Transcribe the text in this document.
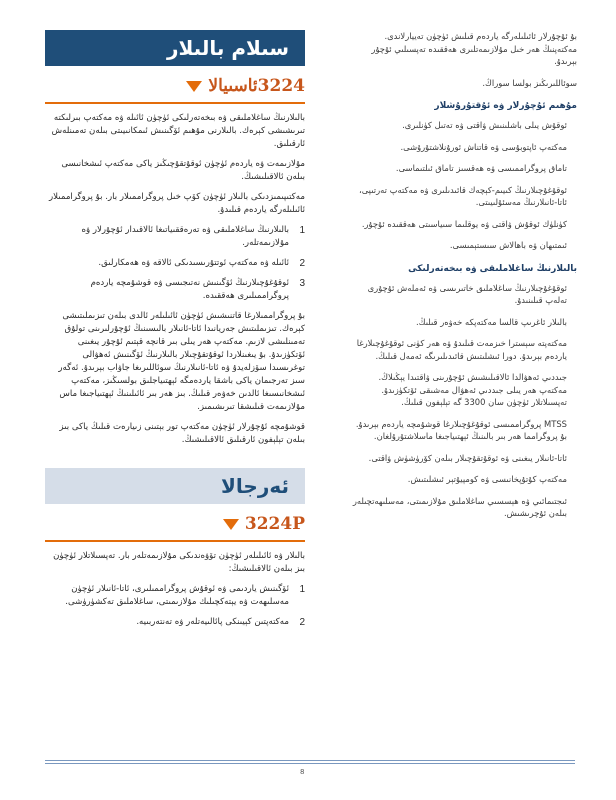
سىلام بالىلار
3224ئاسىيالا

بالىلارنىڭ ساغلاملىقى ۋە بىخەتەرلىكى ئۈچۈن ئائىلە ۋە مەكتەپ بىرلىكتە تىرىشىشى كېرەك. بالىلارنى مۇھىم ئۆگىنىش ئىمكانىيىتى بىلەن تەمىنلەش ئارقىلىق.

مۇلازىمەت ۋە ياردەم ئۈچۈن ئوقۇتقۇچىڭىز ياكى مەكتەپ ئىشخانىسى بىلەن ئالاقىلىشىڭ.

مەكتىپىمىزدىكى بالىلار ئۈچۈن كۆپ خىل پروگراممىلار بار. بۇ پروگراممىلار ئائىلىلەرگە ياردەم قىلىدۇ.

1
بالىلارنىڭ ساغلاملىقى ۋە تەرەققىياتىغا ئالاقىدار ئۇچۇرلار ۋە مۇلازىمەتلەر.
2
ئائىلە ۋە مەكتەپ ئوتتۇرىسىدىكى ئالاقە ۋە ھەمكارلىق.
3
ئوقۇغۇچىلارنىڭ ئۆگىنىش نەتىجىسى ۋە قوشۇمچە ياردەم پروگراممىلىرى ھەققىدە.

بۇ پروگراممىلارغا قاتنىشىش ئۈچۈن ئائىلىلەر ئالدى بىلەن تىزىملىتىشى كېرەك. تىزىملىتىش جەريانىدا ئاتا-ئانىلار بالىسىنىڭ ئۇچۇرلىرىنى تولۇق تەمىنلىشى لازىم. مەكتەپ ھەر يىلى بىر قانچە قېتىم ئۇچۇر يىغىنى ئۆتكۈزىدۇ. بۇ يىغىنلاردا ئوقۇتقۇچىلار بالىلارنىڭ ئۆگىنىش ئەھۋالى توغرىسىدا سۆزلەيدۇ ۋە ئاتا-ئانىلارنىڭ سوئاللىرىغا جاۋاب بېرىدۇ. ئەگەر سىز تەرجىمان ياكى باشقا ياردەمگە ئېھتىياجلىق بولسىڭىز، مەكتەپ ئىشخانىسىغا ئالدىن خەۋەر قىلىڭ. بىز ھەر بىر ئائىلىنىڭ ئېھتىياجىغا ماس مۇلازىمەت قىلىشقا تىرىشىمىز.

قوشۇمچە ئۇچۇرلار ئۈچۈن مەكتەپ تور بېتىنى زىيارەت قىلىڭ ياكى بىز بىلەن تېلېفون ئارقىلىق ئالاقىلىشىڭ.

ئەرجاﻻ
3224P

بالىلار ۋە ئائىلىلەر ئۈچۈن تۆۋەندىكى مۇلازىمەتلەر بار. تەپسىلاتلار ئۈچۈن بىز بىلەن ئالاقىلىشىڭ:

1
ئۆگىنىش ياردىمى ۋە ئوقۇش پروگراممىلىرى، ئاتا-ئانىلار ئۈچۈن مەسلىھەت ۋە يېتەكچىلىك مۇلازىمىتى، ساغلاملىق تەكشۈرۈشى.
2
مەكتەپتىن كېيىنكى پائالىيەتلەر ۋە تەنتەربىيە.

بۇ ئۇچۇرلار ئائىلىلەرگە ياردەم قىلىش ئۈچۈن تەييارلاندى. مەكتەپنىڭ ھەر خىل مۇلازىمەتلىرى ھەققىدە تەپسىلىي ئۇچۇر بېرىدۇ.

سوئاللىرىڭىز بولسا سوراڭ.

مۇھىم ئۇچۇرلار ۋە ئۇقتۇرۇشلار

ئوقۇش يىلى باشلىنىش ۋاقتى ۋە تەتىل كۈنلىرى.

مەكتەپ ئاپتوبۇسى ۋە قاتناش ئورۇنلاشتۇرۇشى.

تاماق پروگراممىسى ۋە ھەقسىز تاماق ئىلتىماسى.

ئوقۇغۇچىلارنىڭ كىيىم-كېچەك قائىدىلىرى ۋە مەكتەپ تەرتىپى، ئاتا-ئانىلارنىڭ مەسئۇلىيىتى.

كۈنلۈك ئوقۇش ۋاقتى ۋە يوقلىما سىياسىتى ھەققىدە ئۇچۇر.

ئىمتىھان ۋە باھالاش سىستېمىسى.

بالىلارنىڭ ساغلاملىقى ۋە بىخەتەرلىكى

ئوقۇغۇچىلارنىڭ ساغلاملىق خاتىرىسى ۋە ئەملەش ئۇچۇرى تەلەپ قىلىنىدۇ.

بالىلار ئاغرىپ قالسا مەكتەپكە خەۋەر قىلىڭ.

مەكتەپتە سېسترا خىزمەت قىلىدۇ ۋە ھەر كۈنى ئوقۇغۇچىلارغا ياردەم بېرىدۇ. دورا ئىشلىتىش قائىدىلىرىگە ئەمەل قىلىڭ.

جىددىي ئەھۋالدا ئالاقىلىشىش ئۇچۇرىنى ۋاقتىدا يېڭىلاڭ. مەكتەپ ھەر يىلى جىددىي ئەھۋال مەشىقى ئۆتكۈزىدۇ. تەپسىلاتلار ئۈچۈن سان 3300 گە تېلېفون قىلىڭ.

MTSS پروگراممىسى ئوقۇغۇچىلارغا قوشۇمچە ياردەم بېرىدۇ. بۇ پروگرامما ھەر بىر بالىنىڭ ئېھتىياجىغا ماسلاشتۇرۇلغان.

ئاتا-ئانىلار يىغىنى ۋە ئوقۇتقۇچىلار بىلەن كۆرۈشۈش ۋاقتى.

مەكتەپ كۇتۇپخانىسى ۋە كومپيۇتېر ئىشلىتىش.

ئىجتىمائىي ۋە ھېسسىي ساغلاملىق مۇلازىمىتى، مەسلىھەتچىلەر بىلەن ئۇچرىشىش.

8
